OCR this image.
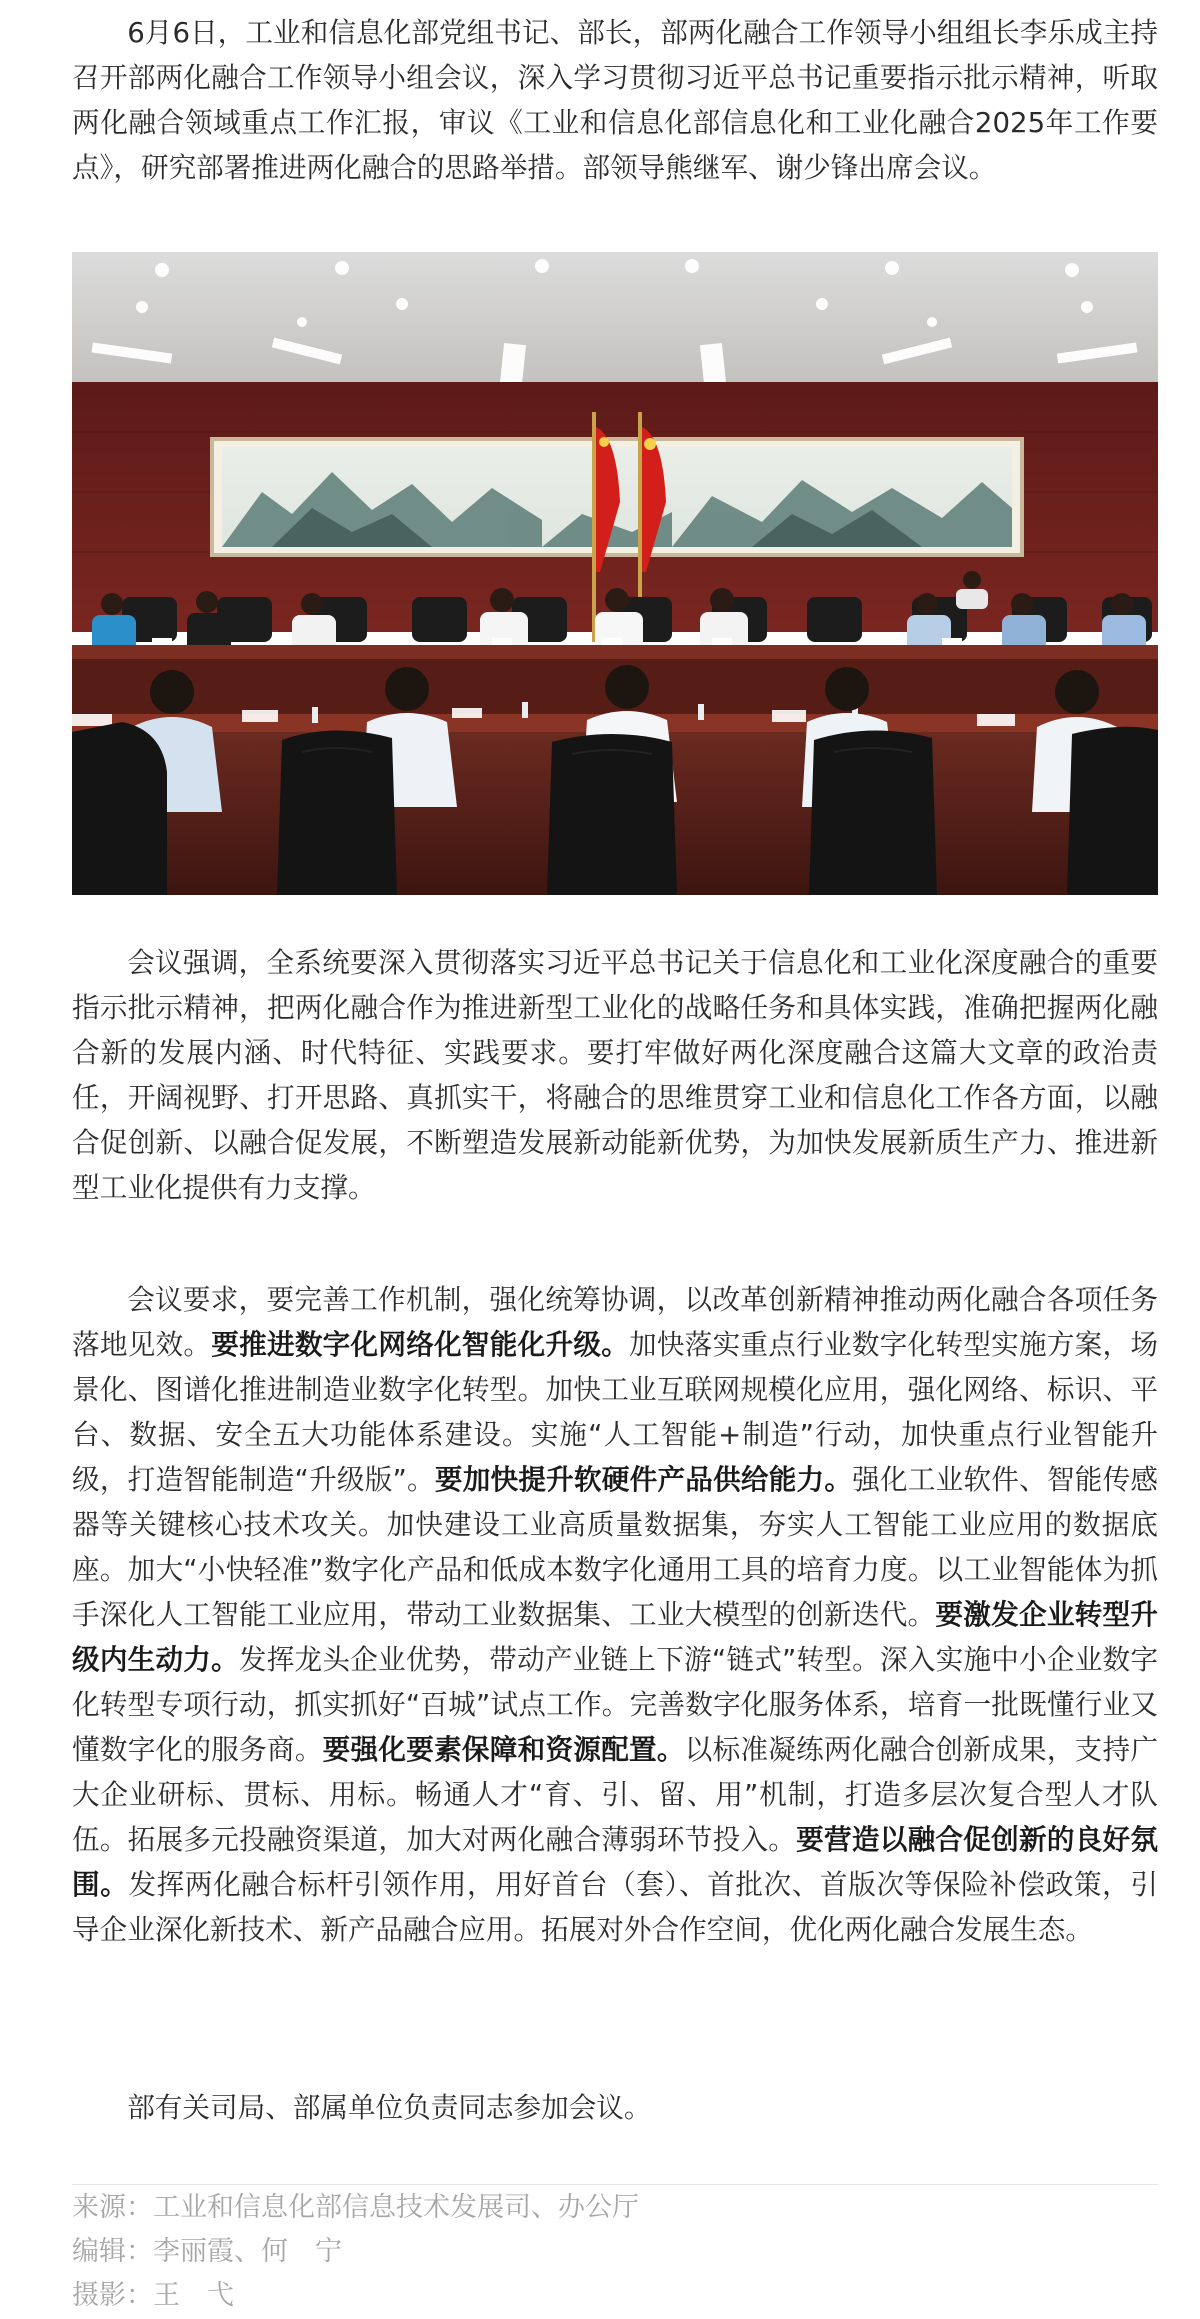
6月6日，工业和信息化部党组书记、部长，部两化融合工作领导小组组长李乐成主持召开部两化融合工作领导小组会议，深入学习贯彻习近平总书记重要指示批示精神，听取两化融合领域重点工作汇报，审议《工业和信息化部信息化和工业化融合2025年工作要点》，研究部署推进两化融合的思路举措。部领导熊继军、谢少锋出席会议。

会议强调，全系统要深入贯彻落实习近平总书记关于信息化和工业化深度融合的重要指示批示精神，把两化融合作为推进新型工业化的战略任务和具体实践，准确把握两化融合新的发展内涵、时代特征、实践要求。要打牢做好两化深度融合这篇大文章的政治责任，开阔视野、打开思路、真抓实干，将融合的思维贯穿工业和信息化工作各方面，以融合促创新、以融合促发展，不断塑造发展新动能新优势，为加快发展新质生产力、推进新型工业化提供有力支撑。

会议要求，要完善工作机制，强化统筹协调，以改革创新精神推动两化融合各项任务落地见效。要推进数字化网络化智能化升级。加快落实重点行业数字化转型实施方案，场景化、图谱化推进制造业数字化转型。加快工业互联网规模化应用，强化网络、标识、平台、数据、安全五大功能体系建设。实施“人工智能+制造”行动，加快重点行业智能升级，打造智能制造“升级版”。要加快提升软硬件产品供给能力。强化工业软件、智能传感器等关键核心技术攻关。加快建设工业高质量数据集，夯实人工智能工业应用的数据底座。加大“小快轻准”数字化产品和低成本数字化通用工具的培育力度。以工业智能体为抓手深化人工智能工业应用，带动工业数据集、工业大模型的创新迭代。要激发企业转型升级内生动力。发挥龙头企业优势，带动产业链上下游“链式”转型。深入实施中小企业数字化转型专项行动，抓实抓好“百城”试点工作。完善数字化服务体系，培育一批既懂行业又懂数字化的服务商。要强化要素保障和资源配置。以标准凝练两化融合创新成果，支持广大企业研标、贯标、用标。畅通人才“育、引、留、用”机制，打造多层次复合型人才队伍。拓展多元投融资渠道，加大对两化融合薄弱环节投入。要营造以融合促创新的良好氛围。发挥两化融合标杆引领作用，用好首台（套）、首批次、首版次等保险补偿政策，引导企业深化新技术、新产品融合应用。拓展对外合作空间，优化两化融合发展生态。

部有关司局、部属单位负责同志参加会议。

来源：工业和信息化部信息技术发展司、办公厅

编辑：李丽霞、何　宁

摄影：王　弋
